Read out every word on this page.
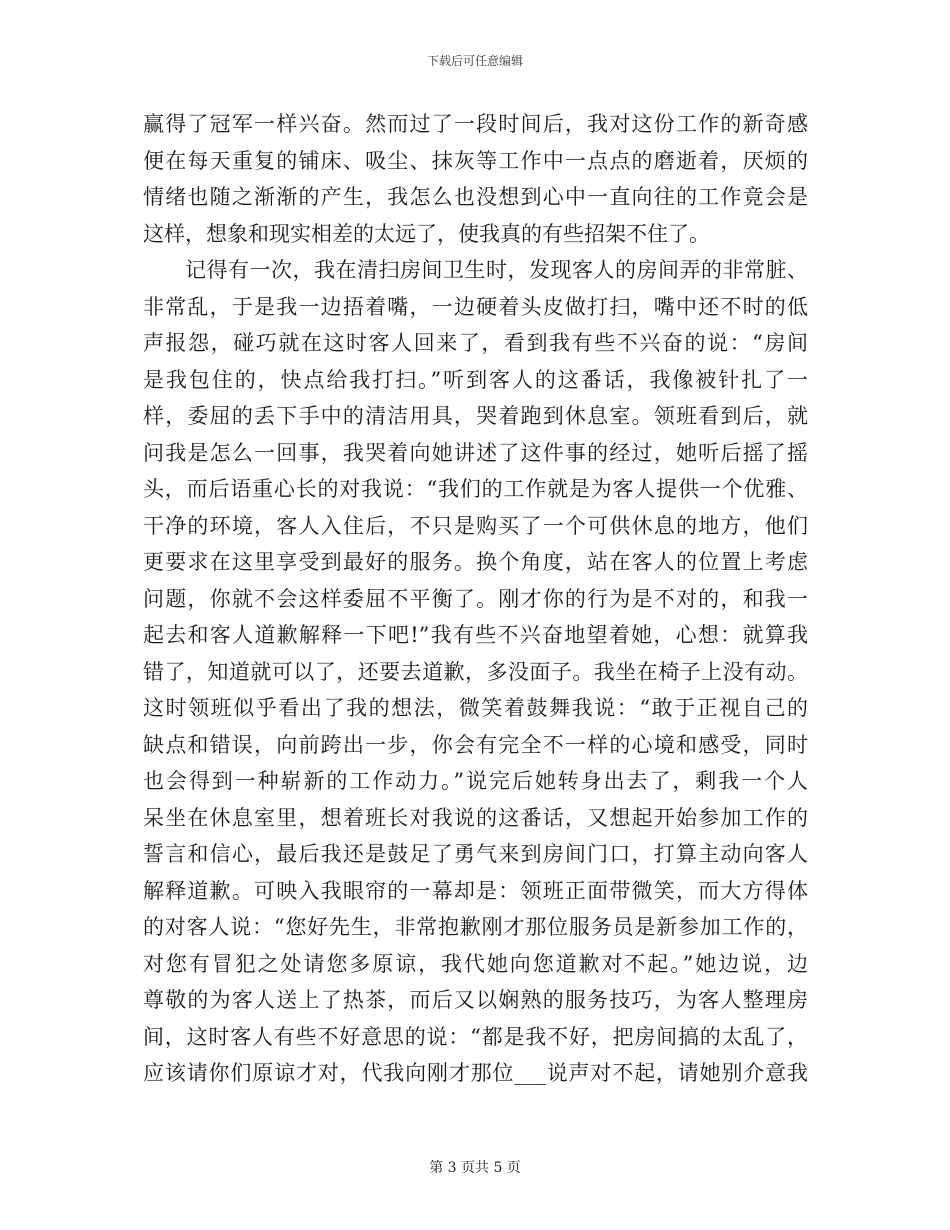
下载后可任意编辑
赢得了冠军一样兴奋。然而过了一段时间后，我对这份工作的新奇感
便在每天重复的铺床、吸尘、抹灰等工作中一点点的磨逝着，厌烦的
情绪也随之渐渐的产生，我怎么也没想到心中一直向往的工作竟会是
这样，想象和现实相差的太远了，使我真的有些招架不住了。
记得有一次，我在清扫房间卫生时，发现客人的房间弄的非常脏、
非常乱，于是我一边捂着嘴，一边硬着头皮做打扫，嘴中还不时的低
声报怨，碰巧就在这时客人回来了，看到我有些不兴奋的说：“房间
是我包住的，快点给我打扫。”听到客人的这番话，我像被针扎了一
样，委屈的丢下手中的清洁用具，哭着跑到休息室。领班看到后，就
问我是怎么一回事，我哭着向她讲述了这件事的经过，她听后摇了摇
头，而后语重心长的对我说：“我们的工作就是为客人提供一个优雅、
干净的环境，客人入住后，不只是购买了一个可供休息的地方，他们
更要求在这里享受到最好的服务。换个角度，站在客人的位置上考虑
问题，你就不会这样委屈不平衡了。刚才你的行为是不对的，和我一
起去和客人道歉解释一下吧!”我有些不兴奋地望着她，心想：就算我
错了，知道就可以了，还要去道歉，多没面子。我坐在椅子上没有动。
这时领班似乎看出了我的想法，微笑着鼓舞我说：“敢于正视自己的
缺点和错误，向前跨出一步，你会有完全不一样的心境和感受，同时
也会得到一种崭新的工作动力。”说完后她转身出去了，剩我一个人
呆坐在休息室里，想着班长对我说的这番话，又想起开始参加工作的
誓言和信心，最后我还是鼓足了勇气来到房间门口，打算主动向客人
解释道歉。可映入我眼帘的一幕却是：领班正面带微笑，而大方得体
的对客人说：“您好先生，非常抱歉刚才那位服务员是新参加工作的，
对您有冒犯之处请您多原谅，我代她向您道歉对不起。”她边说，边
尊敬的为客人送上了热茶，而后又以娴熟的服务技巧，为客人整理房
间，这时客人有些不好意思的说：“都是我不好，把房间搞的太乱了，
应该请你们原谅才对，代我向刚才那位___说声对不起，请她别介意我
第 3 页共 5 页
